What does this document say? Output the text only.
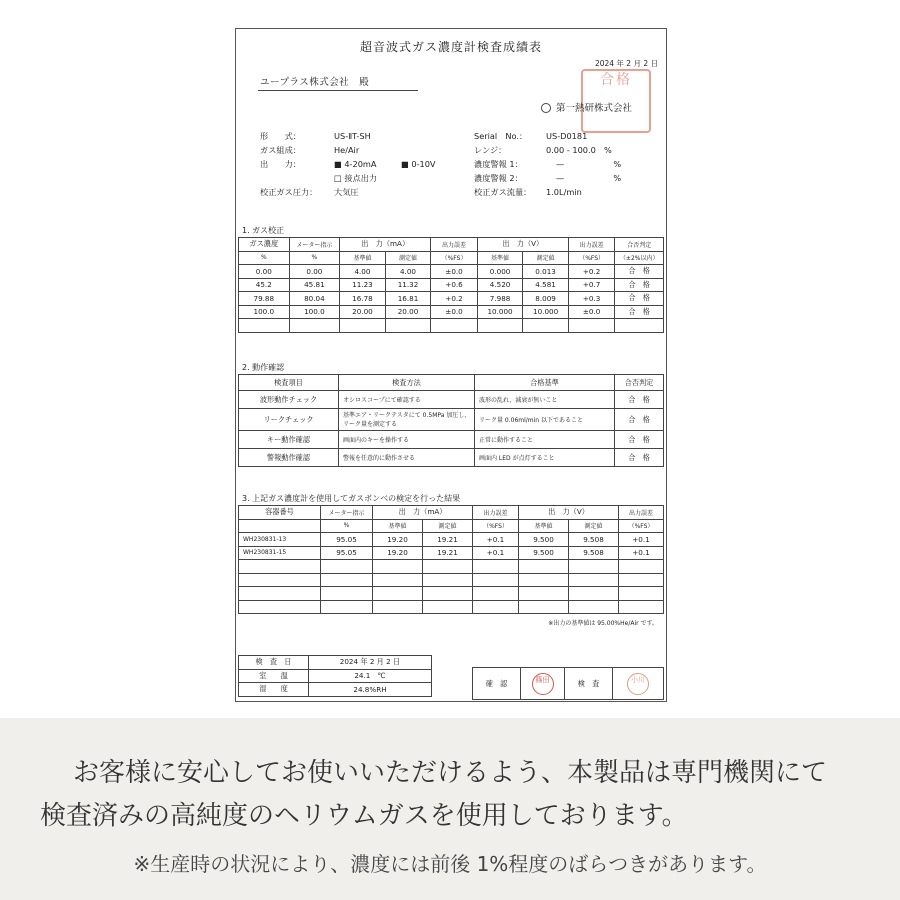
超音波式ガス濃度計検査成績表
2024 年 2 月 2 日
ユープラス株式会社　殿	合格
第一熱研株式会社
形　　式：	US-ⅡT-SH
ガス組成：	He/Air
出　　力：	■ 4-20mA	■ 0-10V
□ 接点出力
校正ガス圧力： 大気圧
Serial　No.： US-D0181
レンジ：	0.00 - 100.0　%
濃度警報 1：	—　　　　　　%
濃度警報 2：	—　　　　　　%
校正ガス流量： 1.0L/min
1. ガス校正
ガス濃度	メーター指示	出　力（mA）		出力誤差	出　力（V）		出力誤差	合否判定
%	%	基準値	測定値	（%FS）	基準値	測定値	（%FS）	（±2%以内）
0.00	0.00	4.00	4.00	±0.0	0.000	0.013	+0.2	合　格
45.2	45.81	11.23	11.32	+0.6	4.520	4.581	+0.7	合　格
79.88	80.04	16.78	16.81	+0.2	7.988	8.009	+0.3	合　格
100.0	100.0	20.00	20.00	±0.0	10.000	10.000	±0.0	合　格

2. 動作確認
検査項目	検査方法	合格基準	合否判定
波形動作チェック	オシロスコープにて確認する	波形の乱れ、減衰が無いこと	合　格
リークチェック	基準エア・リークテスタにて 0.5MPa 加圧し、リーク量を測定する	リーク量 0.06ml/min 以下であること	合　格
キー動作確認	画面内のキーを操作する	正常に動作すること	合　格
警報動作確認	警報を任意的に動作させる	画面内 LED が点灯すること	合　格
3. 上記ガス濃度計を使用してガスボンベの検定を行った結果
容器番号	メーター指示	出　力（mA）		出力誤差	出　力（V）		出力誤差
	%	基準値	測定値	（%FS）	基準値	測定値	（%FS）
WH230831-13	95.05	19.20	19.21	+0.1	9.500	9.508	+0.1
WH230831-15	95.05	19.20	19.21	+0.1	9.500	9.508	+0.1

※出力の基準値は 95.00%He/Air です。
検　査　日	2024 年 2 月 2 日
室　　温	24.1　℃
湿　　度	24.8%RH
確　認	篠田	検　査	小川
お客様に安心してお使いいただけるよう、本製品は専門機関にて
検査済みの高純度のヘリウムガスを使用しております。
※生産時の状況により、濃度には前後 1%程度のばらつきがあります。
